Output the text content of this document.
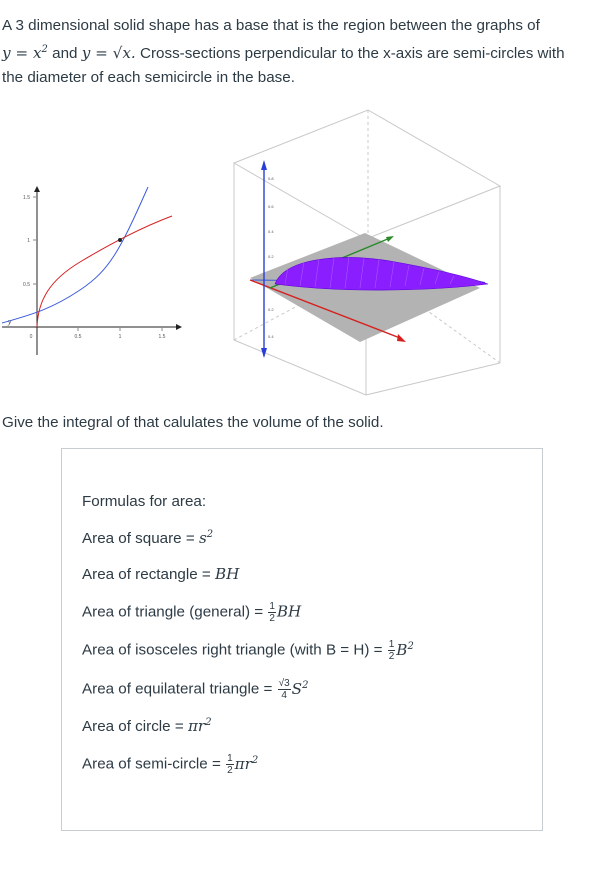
A 3 dimensional solid shape has a base that is the region between the graphs of
$y = x^2$ and y = √x. Cross-sections perpendicular to the x-axis are semi-circles with
the diameter of each semicircle in the base.
1.5
1
0.5
0.5	1	1.5
0
y
0.8
0.6
0.4
0.2
0.2
0.4
Give the integral of that calulates the volume of the solid.
Formulas for area:
Area of square = $s^2$
Area of rectangle = BH
Area of triangle (general) = $\frac{1}{2}$ BH
Area of isosceles right triangle (with $B = H) = \frac{1}{2} B^2$
Area of equilateral triangle = $\frac{√3}{4} S^2$
Area of circle = $\pi r^2$
Area of semi-circle = $\frac{1}{2} \pi r^2$
